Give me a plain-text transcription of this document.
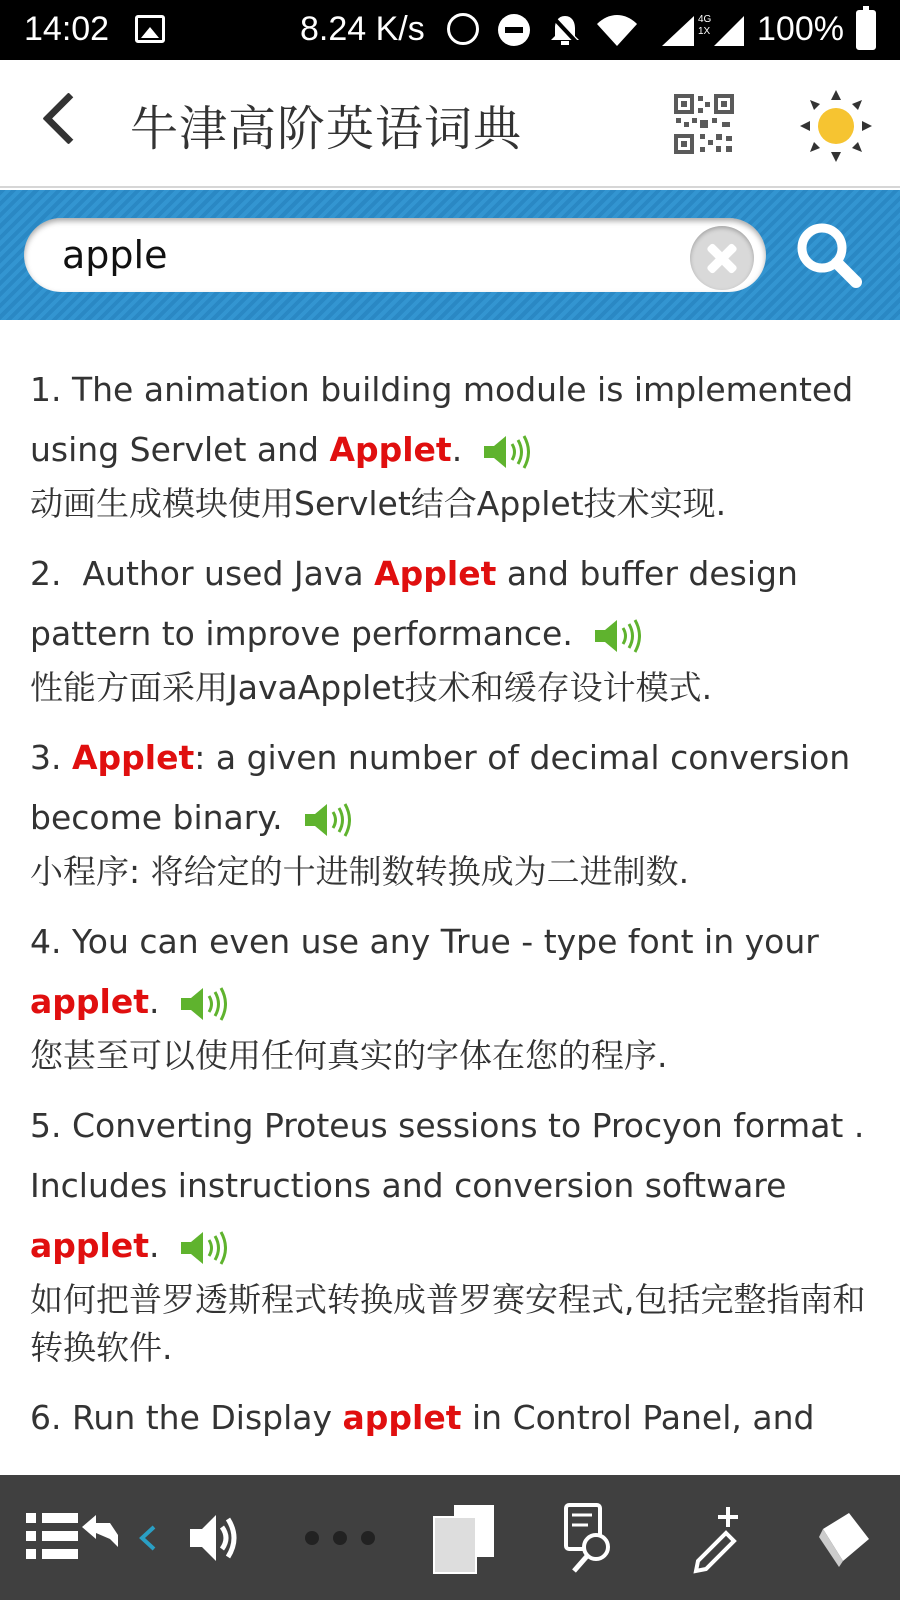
14:02	8.24 K/s	4G
1X 100%
牛津高阶英语词典
apple
1. The animation building module is implemented using Servlet and Applet.
动画生成模块使用Servlet结合Applet技术实现.
2.  Author used Java Applet and buffer design pattern to improve performance.
性能方面采用JavaApplet技术和缓存设计模式.
3. Applet: a given number of decimal conversion become binary.
小程序: 将给定的十进制数转换成为二进制数.
4. You can even use any True - type font in your applet.
您甚至可以使用任何真实的字体在您的程序.
5. Converting Proteus sessions to Procyon format . Includes instructions and conversion software applet.
如何把普罗透斯程式转换成普罗赛安程式,包括完整指南和转换软件.
6. Run the Display applet in Control Panel, and
